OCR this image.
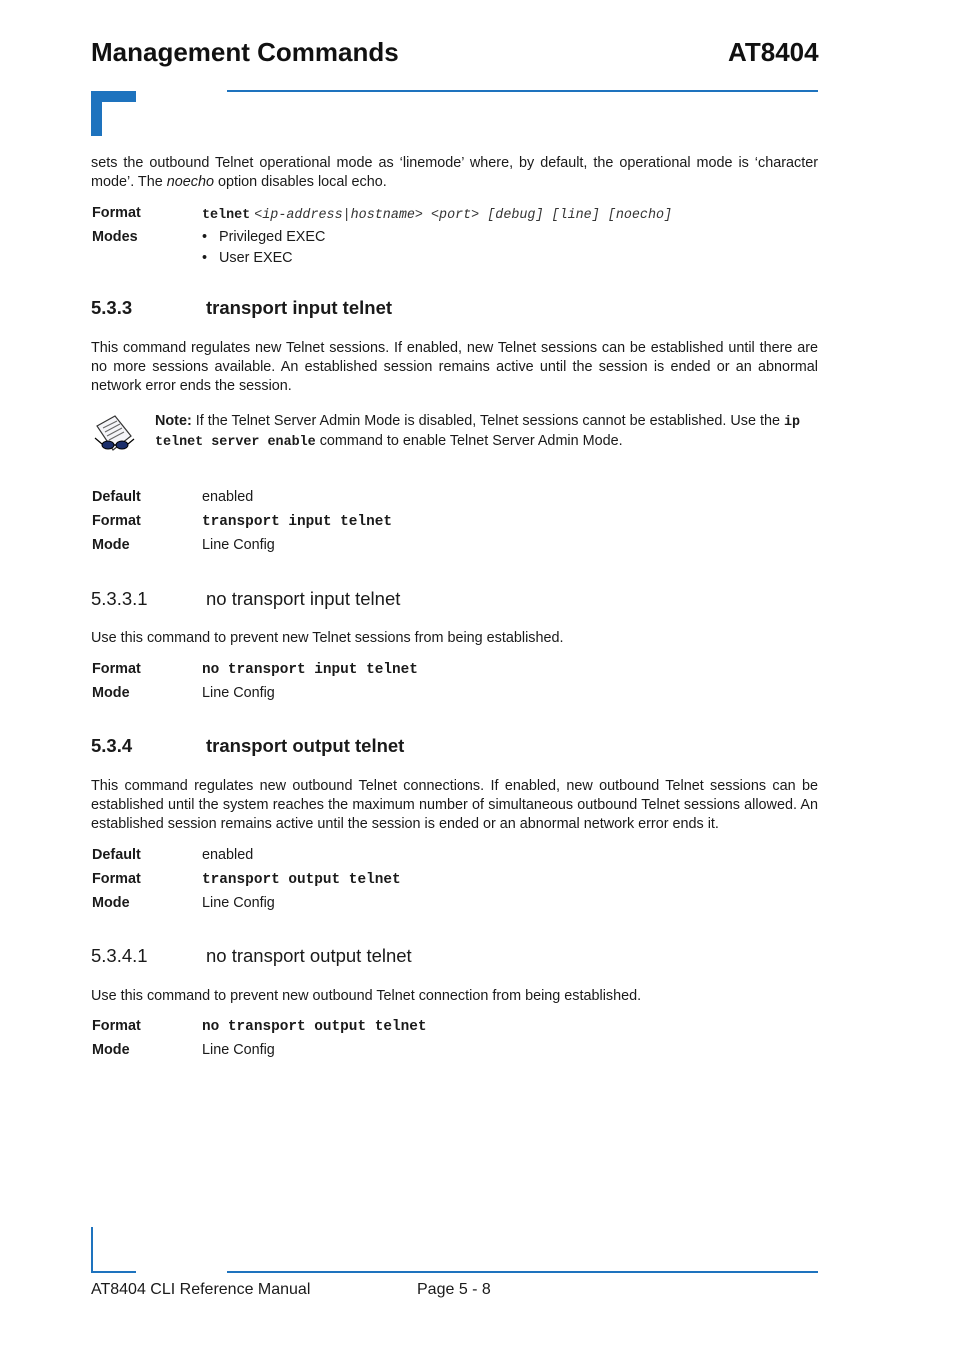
Management Commands	AT8404
sets the outbound Telnet operational mode as ‘linemode’ where, by default, the operational mode is ‘character mode’. The noecho option disables local echo.
Format	telnet <ip-address|hostname> <port> [debug] [line] [noecho]
Modes	• Privileged EXEC
• User EXEC
5.3.3	transport input telnet
This command regulates new Telnet sessions. If enabled, new Telnet sessions can be established until there are no more sessions available. An established session remains active until the session is ended or an abnormal network error ends the session.
Note: If the Telnet Server Admin Mode is disabled, Telnet sessions cannot be established. Use the ip telnet server enable command to enable Telnet Server Admin Mode.
Default	enabled
Format	transport input telnet
Mode	Line Config
5.3.3.1	no transport input telnet
Use this command to prevent new Telnet sessions from being established.
Format	no transport input telnet
Mode	Line Config
5.3.4	transport output telnet
This command regulates new outbound Telnet connections. If enabled, new outbound Telnet sessions can be established until the system reaches the maximum number of simultaneous outbound Telnet sessions allowed. An established session remains active until the session is ended or an abnormal network error ends it.
Default	enabled
Format	transport output telnet
Mode	Line Config
5.3.4.1	no transport output telnet
Use this command to prevent new outbound Telnet connection from being established.
Format	no transport output telnet
Mode	Line Config
AT8404 CLI Reference Manual	Page 5 - 8
